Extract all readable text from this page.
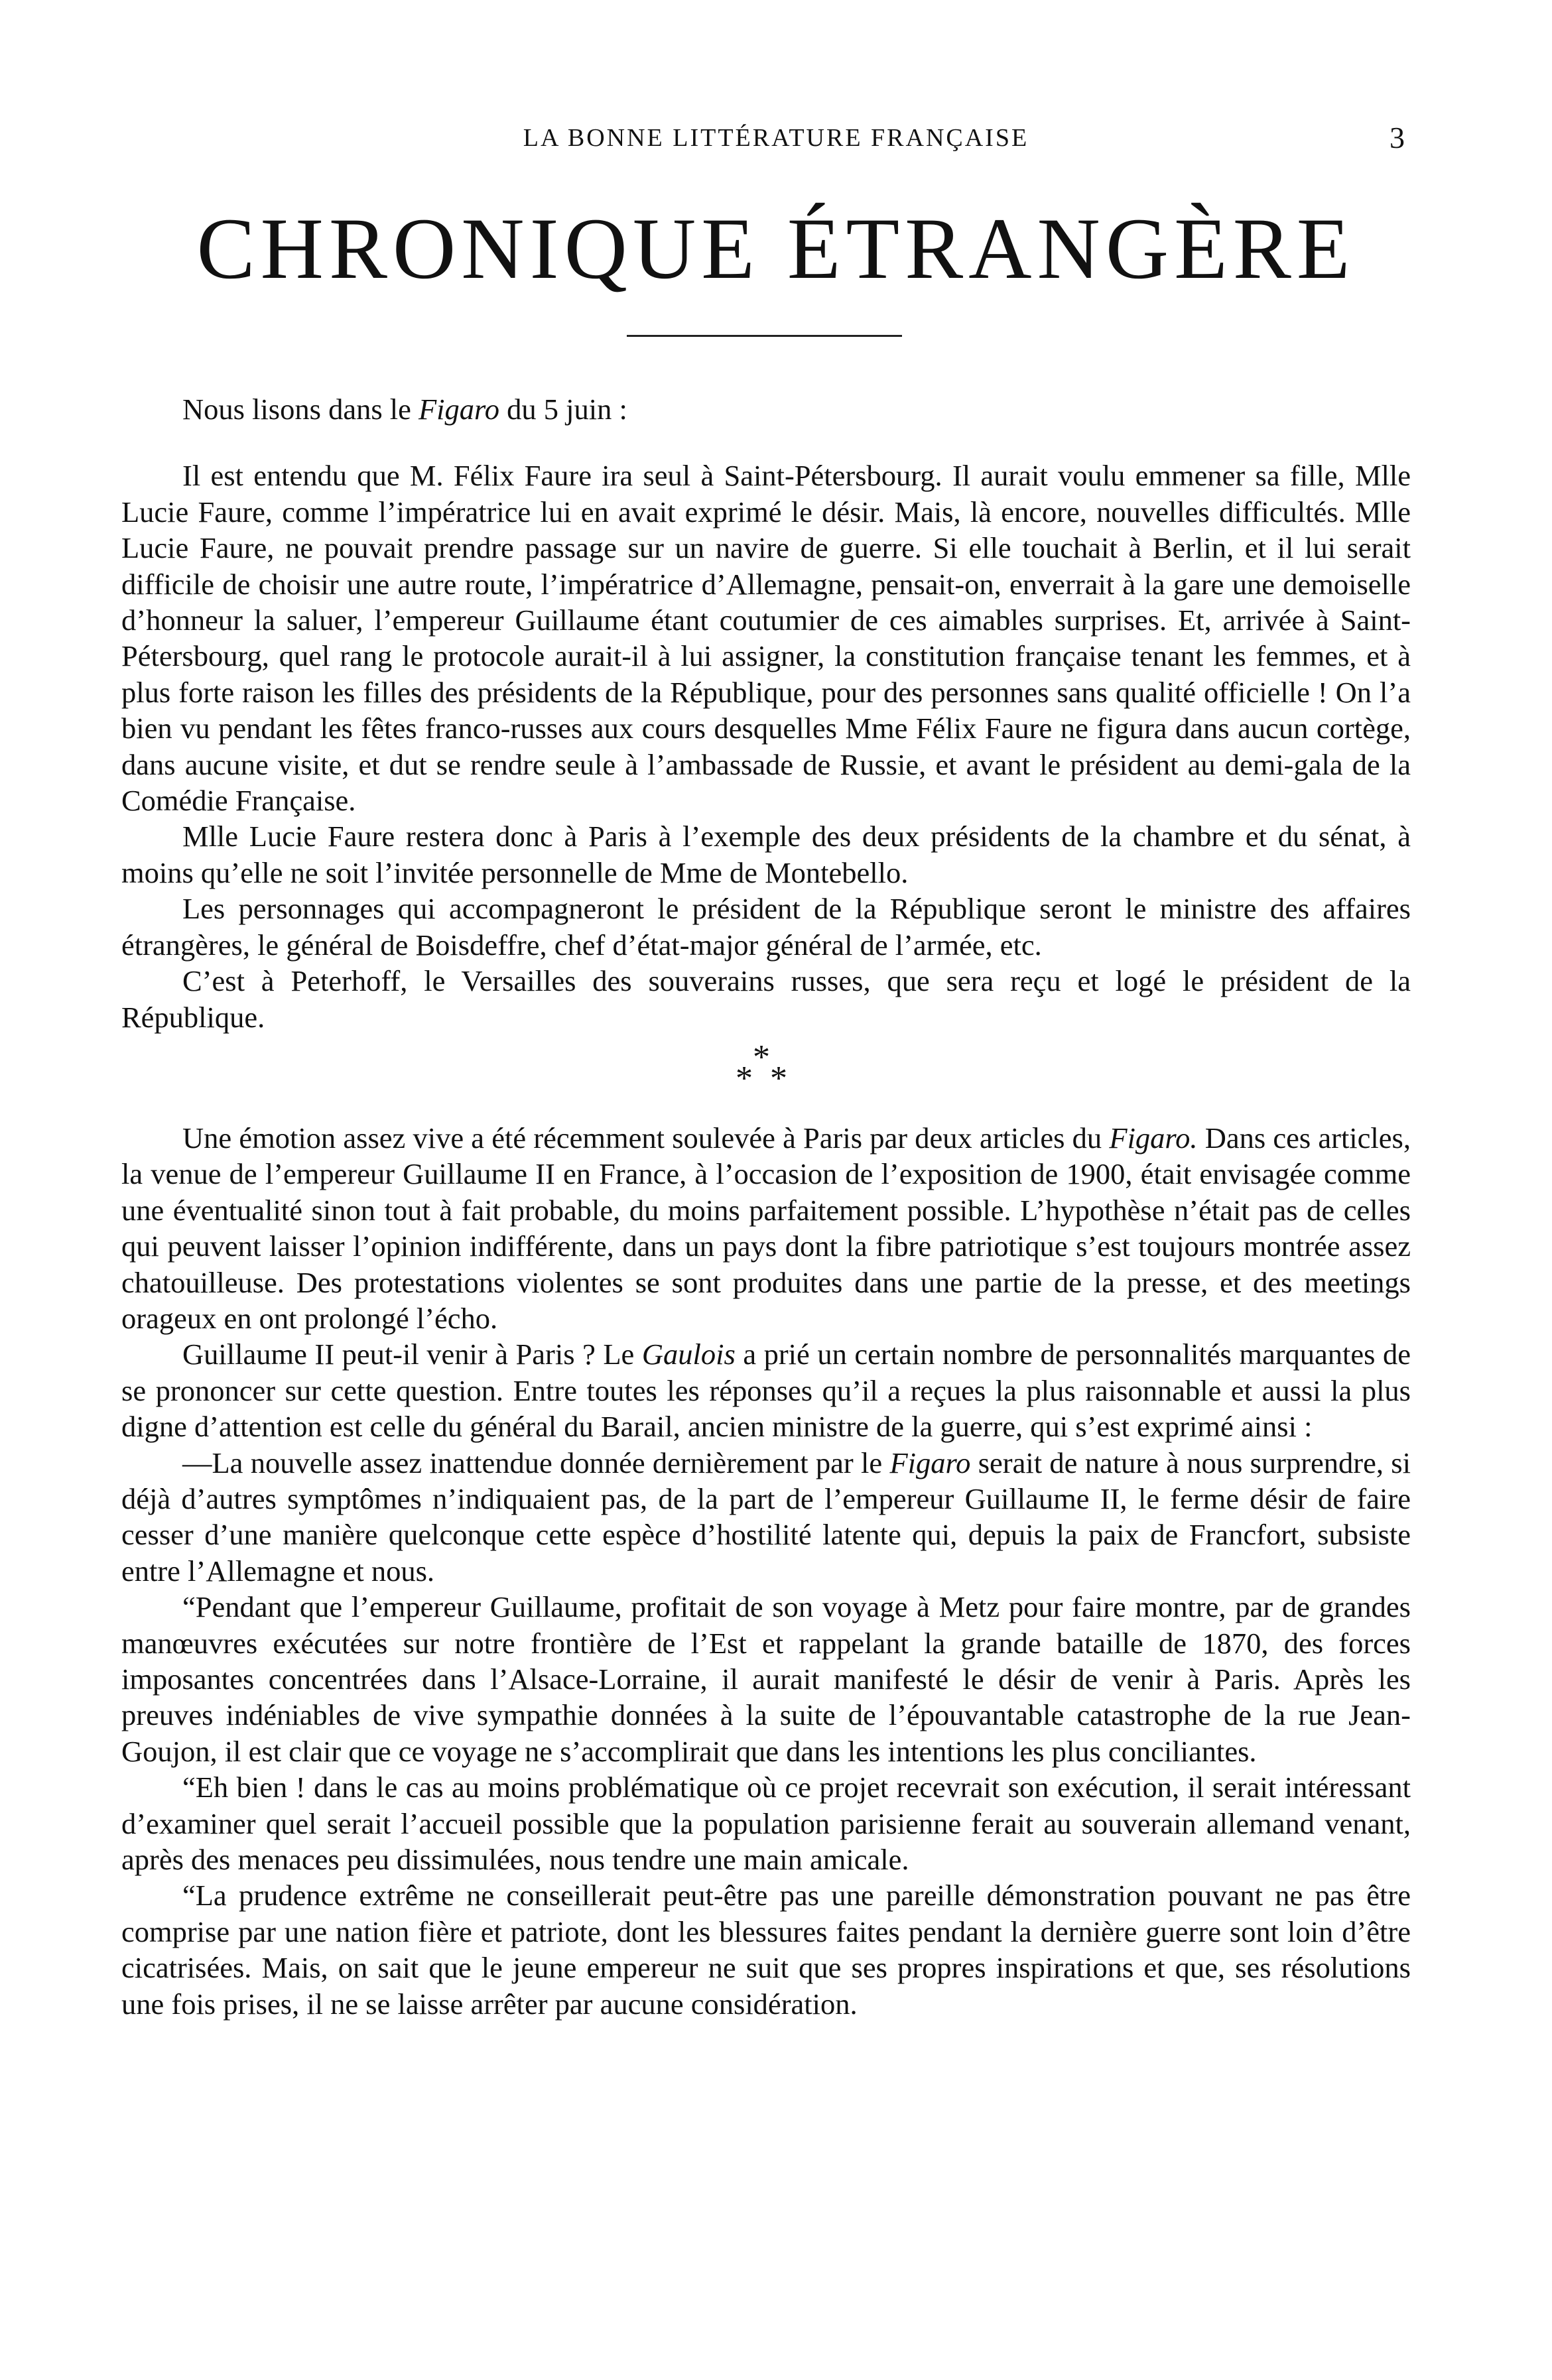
LA BONNE LITTÉRATURE FRANÇAISE	3
CHRONIQUE ÉTRANGÈRE

Nous lisons dans le Figaro du 5 juin :

Il est entendu que M. Félix Faure ira seul à Saint-Pétersbourg. Il aurait voulu emmener sa fille, Mlle Lucie Faure, comme l’impératrice lui en avait exprimé le désir. Mais, là encore, nouvelles difficultés. Mlle Lucie Faure, ne pouvait prendre passage sur un navire de guerre. Si elle touchait à Berlin, et il lui serait difficile de choisir une autre route, l’impératrice d’Allemagne, pensait-on, enverrait à la gare une demoiselle d’honneur la saluer, l’empereur Guillaume étant coutumier de ces aimables surprises. Et, arrivée à Saint-Pétersbourg, quel rang le protocole aurait-il à lui assigner, la constitution française tenant les femmes, et à plus forte raison les filles des présidents de la République, pour des personnes sans qualité officielle ! On l’a bien vu pendant les fêtes franco-russes aux cours desquelles Mme Félix Faure ne figura dans aucun cortège, dans aucune visite, et dut se rendre seule à l’ambassade de Russie, et avant le président au demi-gala de la Comédie Française.

Mlle Lucie Faure restera donc à Paris à l’exemple des deux présidents de la chambre et du sénat, à moins qu’elle ne soit l’invitée personnelle de Mme de Montebello.

Les personnages qui accompagneront le président de la République seront le ministre des affaires étrangères, le général de Boisdeffre, chef d’état-major général de l’armée, etc.

C’est à Peterhoff, le Versailles des souverains russes, que sera reçu et logé le président de la République.

*
* *

Une émotion assez vive a été récemment soulevée à Paris par deux articles du Figaro. Dans ces articles, la venue de l’empereur Guillaume II en France, à l’occasion de l’exposition de 1900, était envisagée comme une éventualité sinon tout à fait probable, du moins parfaitement possible. L’hypothèse n’était pas de celles qui peuvent laisser l’opinion indifférente, dans un pays dont la fibre patriotique s’est toujours montrée assez chatouilleuse. Des protestations violentes se sont produites dans une partie de la presse, et des meetings orageux en ont prolongé l’écho.

Guillaume II peut-il venir à Paris ? Le Gaulois a prié un certain nombre de personnalités marquantes de se prononcer sur cette question. Entre toutes les réponses qu’il a reçues la plus raisonnable et aussi la plus digne d’attention est celle du général du Barail, ancien ministre de la guerre, qui s’est exprimé ainsi :

—La nouvelle assez inattendue donnée dernièrement par le Figaro serait de nature à nous surprendre, si déjà d’autres symptômes n’indiquaient pas, de la part de l’empereur Guillaume II, le ferme désir de faire cesser d’une manière quelconque cette espèce d’hostilité latente qui, depuis la paix de Francfort, subsiste entre l’Allemagne et nous.

“Pendant que l’empereur Guillaume, profitait de son voyage à Metz pour faire montre, par de grandes manœuvres exécutées sur notre frontière de l’Est et rappelant la grande bataille de 1870, des forces imposantes concentrées dans l’Alsace-Lorraine, il aurait manifesté le désir de venir à Paris. Après les preuves indéniables de vive sympathie données à la suite de l’épouvantable catastrophe de la rue Jean-Goujon, il est clair que ce voyage ne s’accomplirait que dans les intentions les plus conciliantes.

“Eh bien ! dans le cas au moins problématique où ce projet recevrait son exécution, il serait intéressant d’examiner quel serait l’accueil possible que la population parisienne ferait au souverain allemand venant, après des menaces peu dissimulées, nous tendre une main amicale.

“La prudence extrême ne conseillerait peut-être pas une pareille démonstration pouvant ne pas être comprise par une nation fière et patriote, dont les blessures faites pendant la dernière guerre sont loin d’être cicatrisées. Mais, on sait que le jeune empereur ne suit que ses propres inspirations et que, ses résolutions une fois prises, il ne se laisse arrêter par aucune considération.
